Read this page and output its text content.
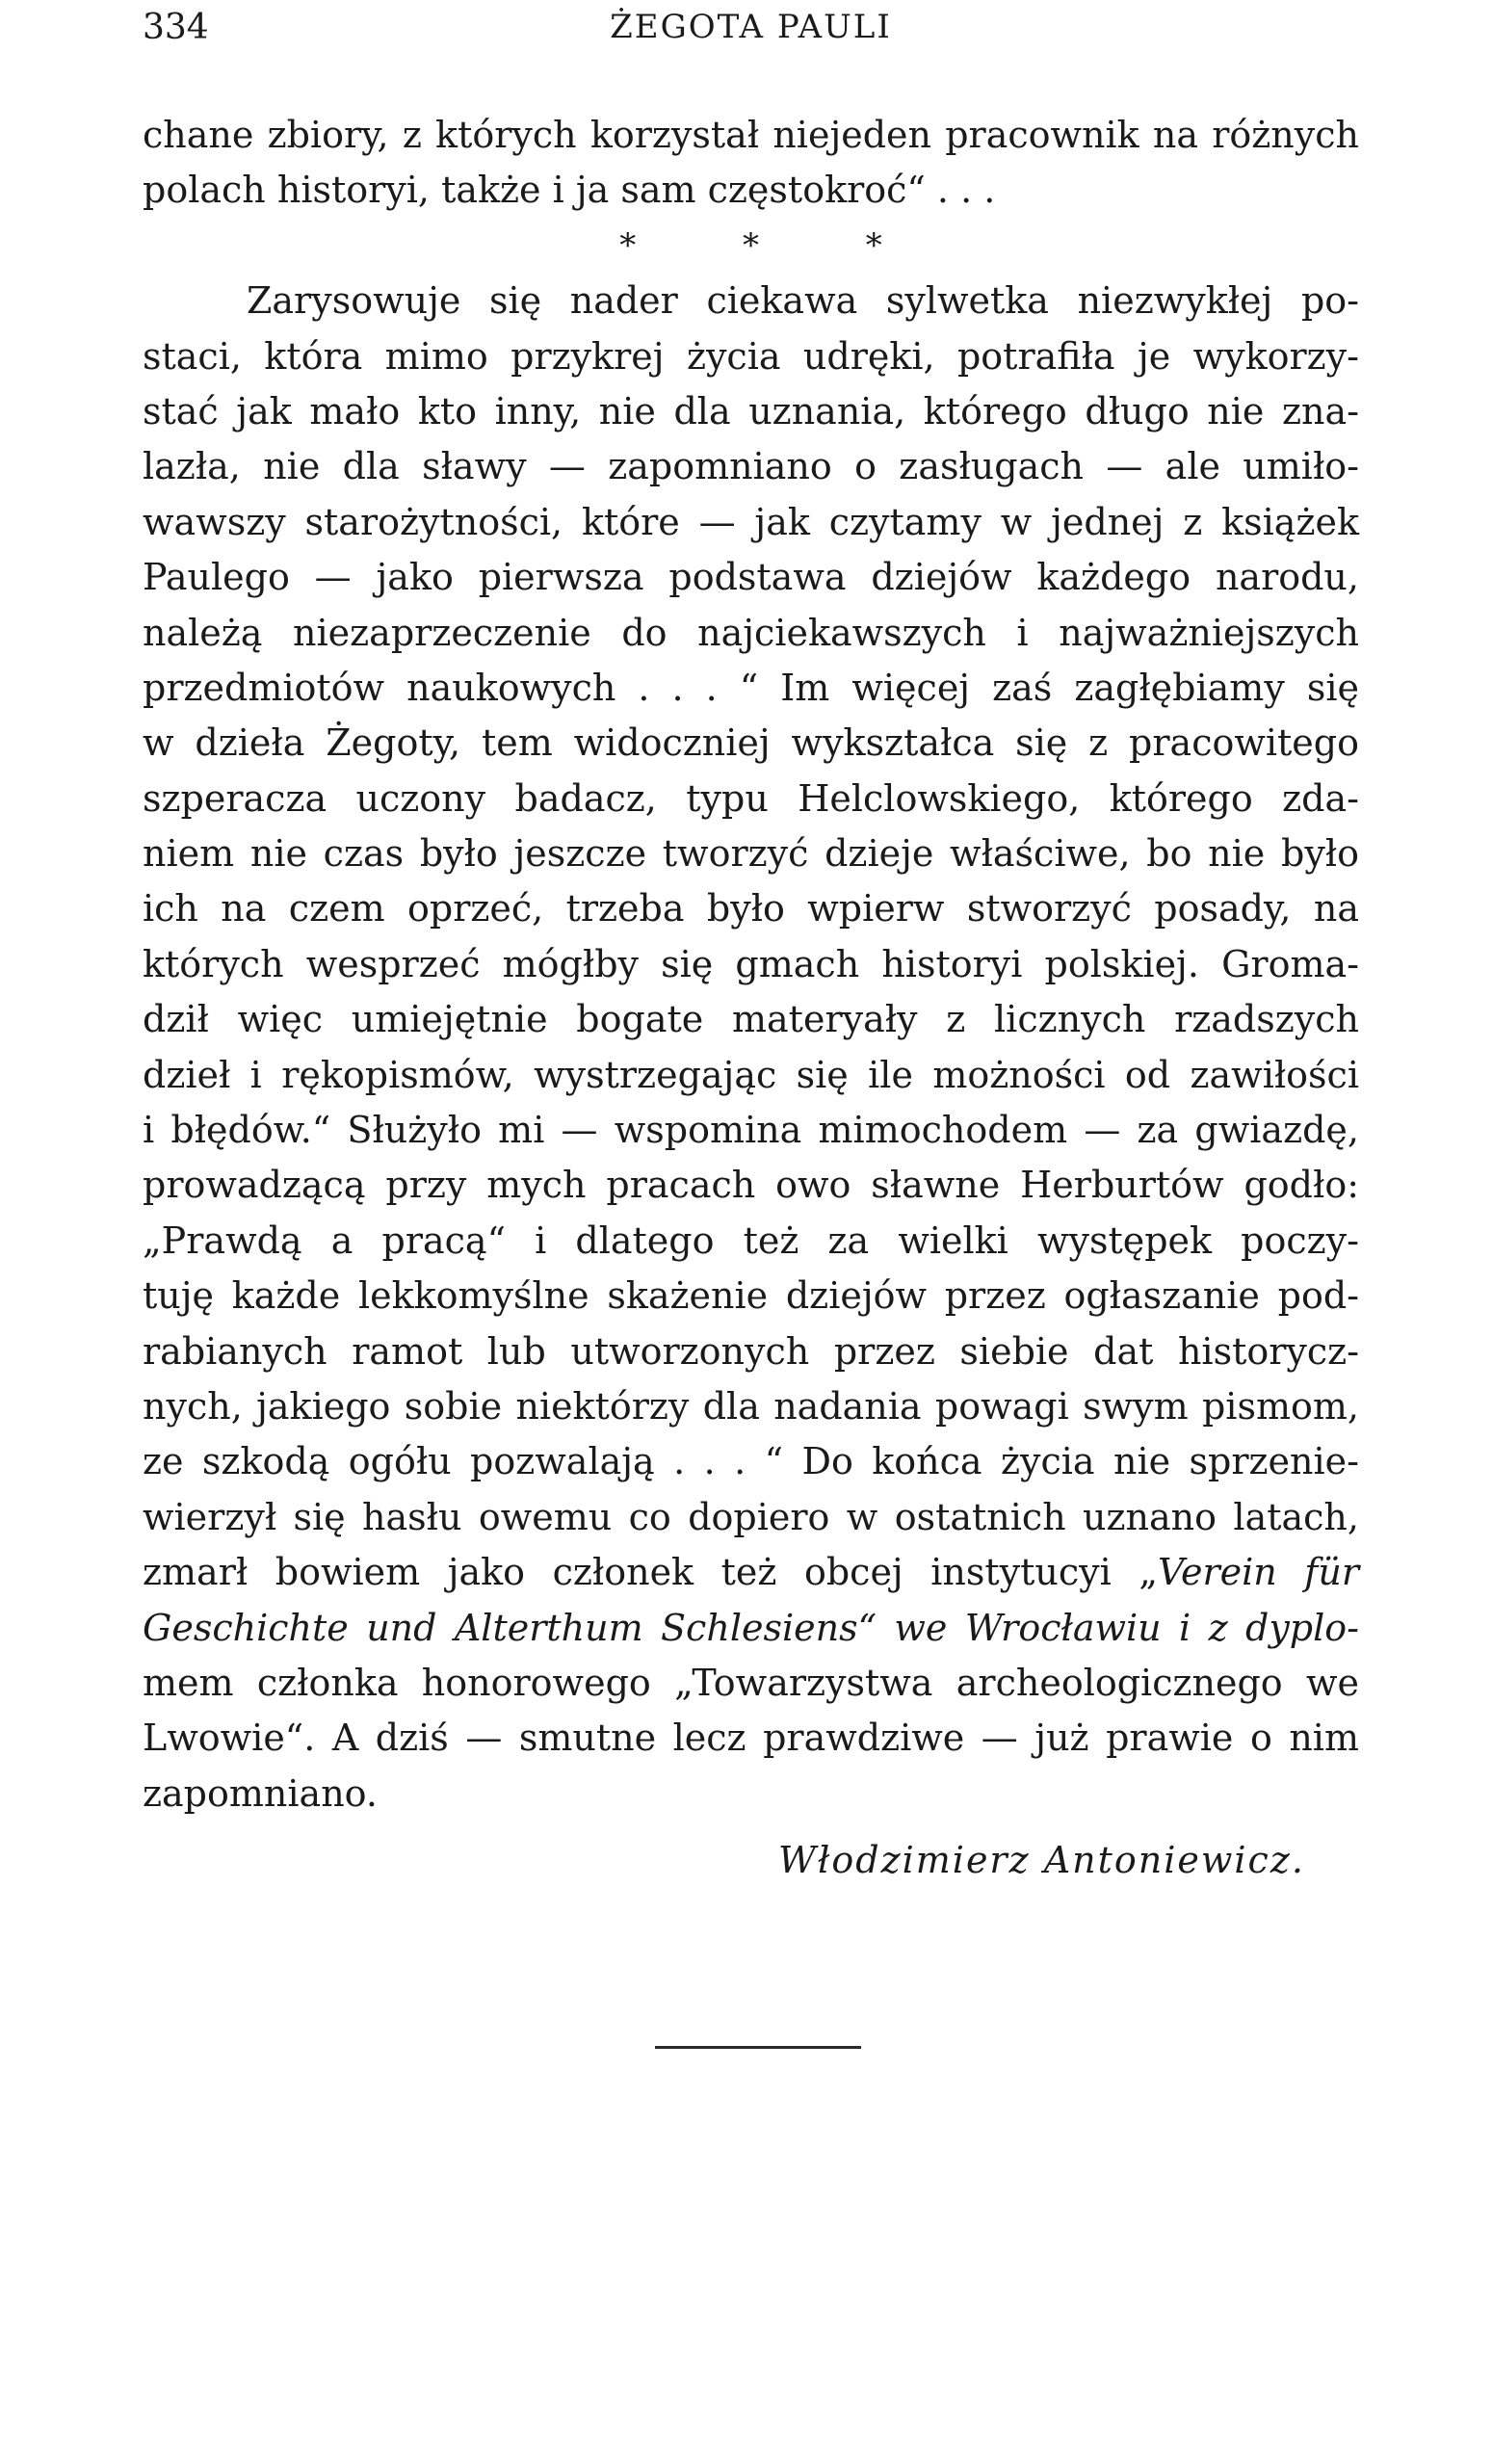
334	ŻEGOTA PAULI
chane zbiory, z których korzystał niejeden pracownik na różnych
polach historyi, także i ja sam częstokroć“ . . .
* * *
Zarysowuje się nader ciekawa sylwetka niezwykłej po-
staci, która mimo przykrej życia udręki, potrafiła je wykorzy-
stać jak mało kto inny, nie dla uznania, którego długo nie zna-
lazła, nie dla sławy — zapomniano o zasługach — ale umiło-
wawszy starożytności, które — jak czytamy w jednej z książek
Paulego — jako pierwsza podstawa dziejów każdego narodu,
należą niezaprzeczenie do najciekawszych i najważniejszych
przedmiotów naukowych . . . “ Im więcej zaś zagłębiamy się
w dzieła Żegoty, tem widoczniej wykształca się z pracowitego
szperacza uczony badacz, typu Helclowskiego, którego zda-
niem nie czas było jeszcze tworzyć dzieje właściwe, bo nie było
ich na czem oprzeć, trzeba było wpierw stworzyć posady, na
których wesprzeć mógłby się gmach historyi polskiej. Groma-
dził więc umiejętnie bogate materyały z licznych rzadszych
dzieł i rękopismów, wystrzegając się ile możności od zawiłości
i błędów.“ Służyło mi — wspomina mimochodem — za gwiazdę,
prowadzącą przy mych pracach owo sławne Herburtów godło:
„Prawdą a pracą“ i dlatego też za wielki występek poczy-
tuję każde lekkomyślne skażenie dziejów przez ogłaszanie pod-
rabianych ramot lub utworzonych przez siebie dat historycz-
nych, jakiego sobie niektórzy dla nadania powagi swym pismom,
ze szkodą ogółu pozwalają . . . “ Do końca życia nie sprzenie-
wierzył się hasłu owemu co dopiero w ostatnich uznano latach,
zmarł bowiem jako członek też obcej instytucyi „Verein für
Geschichte und Alterthum Schlesiens“ we Wrocławiu i z dyplo-
mem członka honorowego „Towarzystwa archeologicznego we
Lwowie“. A dziś — smutne lecz prawdziwe — już prawie o nim
zapomniano.
Włodzimierz Antoniewicz.
